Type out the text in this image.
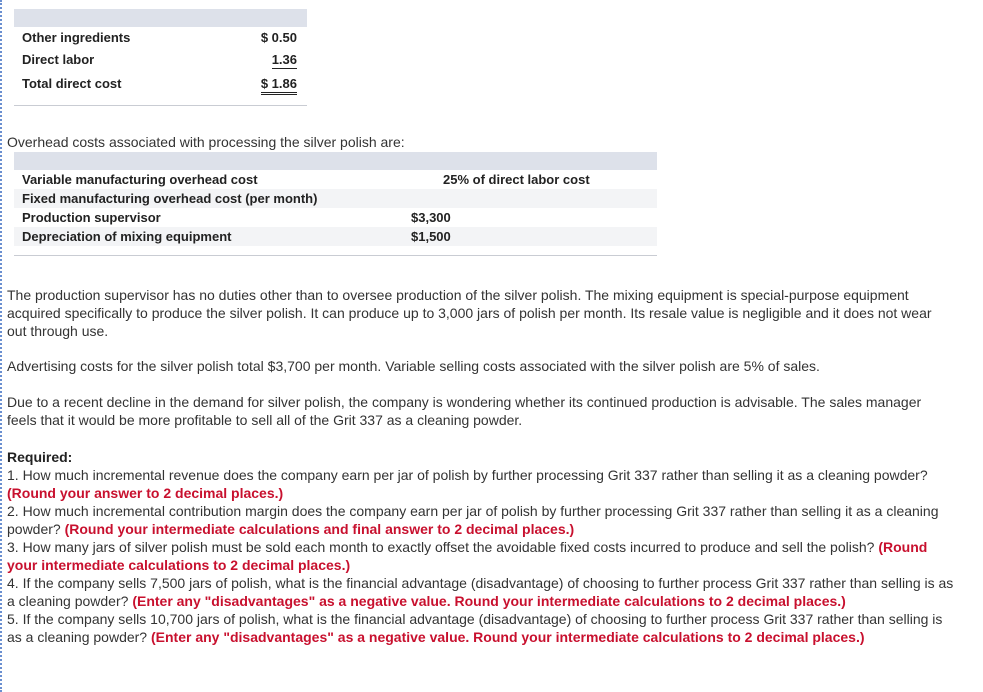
Other ingredients	$ 0.50
Direct labor	1.36
Total direct cost	$ 1.86

Overhead costs associated with processing the silver polish are:

Variable manufacturing overhead cost	25% of direct labor cost
Fixed manufacturing overhead cost (per month)
Production supervisor	$3,300
Depreciation of mixing equipment	$1,500

The production supervisor has no duties other than to oversee production of the silver polish. The mixing equipment is special-purpose equipment acquired specifically to produce the silver polish. It can produce up to 3,000 jars of polish per month. Its resale value is negligible and it does not wear out through use.

Advertising costs for the silver polish total $3,700 per month. Variable selling costs associated with the silver polish are 5% of sales.

Due to a recent decline in the demand for silver polish, the company is wondering whether its continued production is advisable. The sales manager feels that it would be more profitable to sell all of the Grit 337 as a cleaning powder.

Required:
1. How much incremental revenue does the company earn per jar of polish by further processing Grit 337 rather than selling it as a cleaning powder? (Round your answer to 2 decimal places.)
2. How much incremental contribution margin does the company earn per jar of polish by further processing Grit 337 rather than selling it as a cleaning powder? (Round your intermediate calculations and final answer to 2 decimal places.)
3. How many jars of silver polish must be sold each month to exactly offset the avoidable fixed costs incurred to produce and sell the polish? (Round your intermediate calculations to 2 decimal places.)
4. If the company sells 7,500 jars of polish, what is the financial advantage (disadvantage) of choosing to further process Grit 337 rather than selling is as a cleaning powder? (Enter any "disadvantages" as a negative value. Round your intermediate calculations to 2 decimal places.)
5. If the company sells 10,700 jars of polish, what is the financial advantage (disadvantage) of choosing to further process Grit 337 rather than selling is as a cleaning powder? (Enter any "disadvantages" as a negative value. Round your intermediate calculations to 2 decimal places.)
